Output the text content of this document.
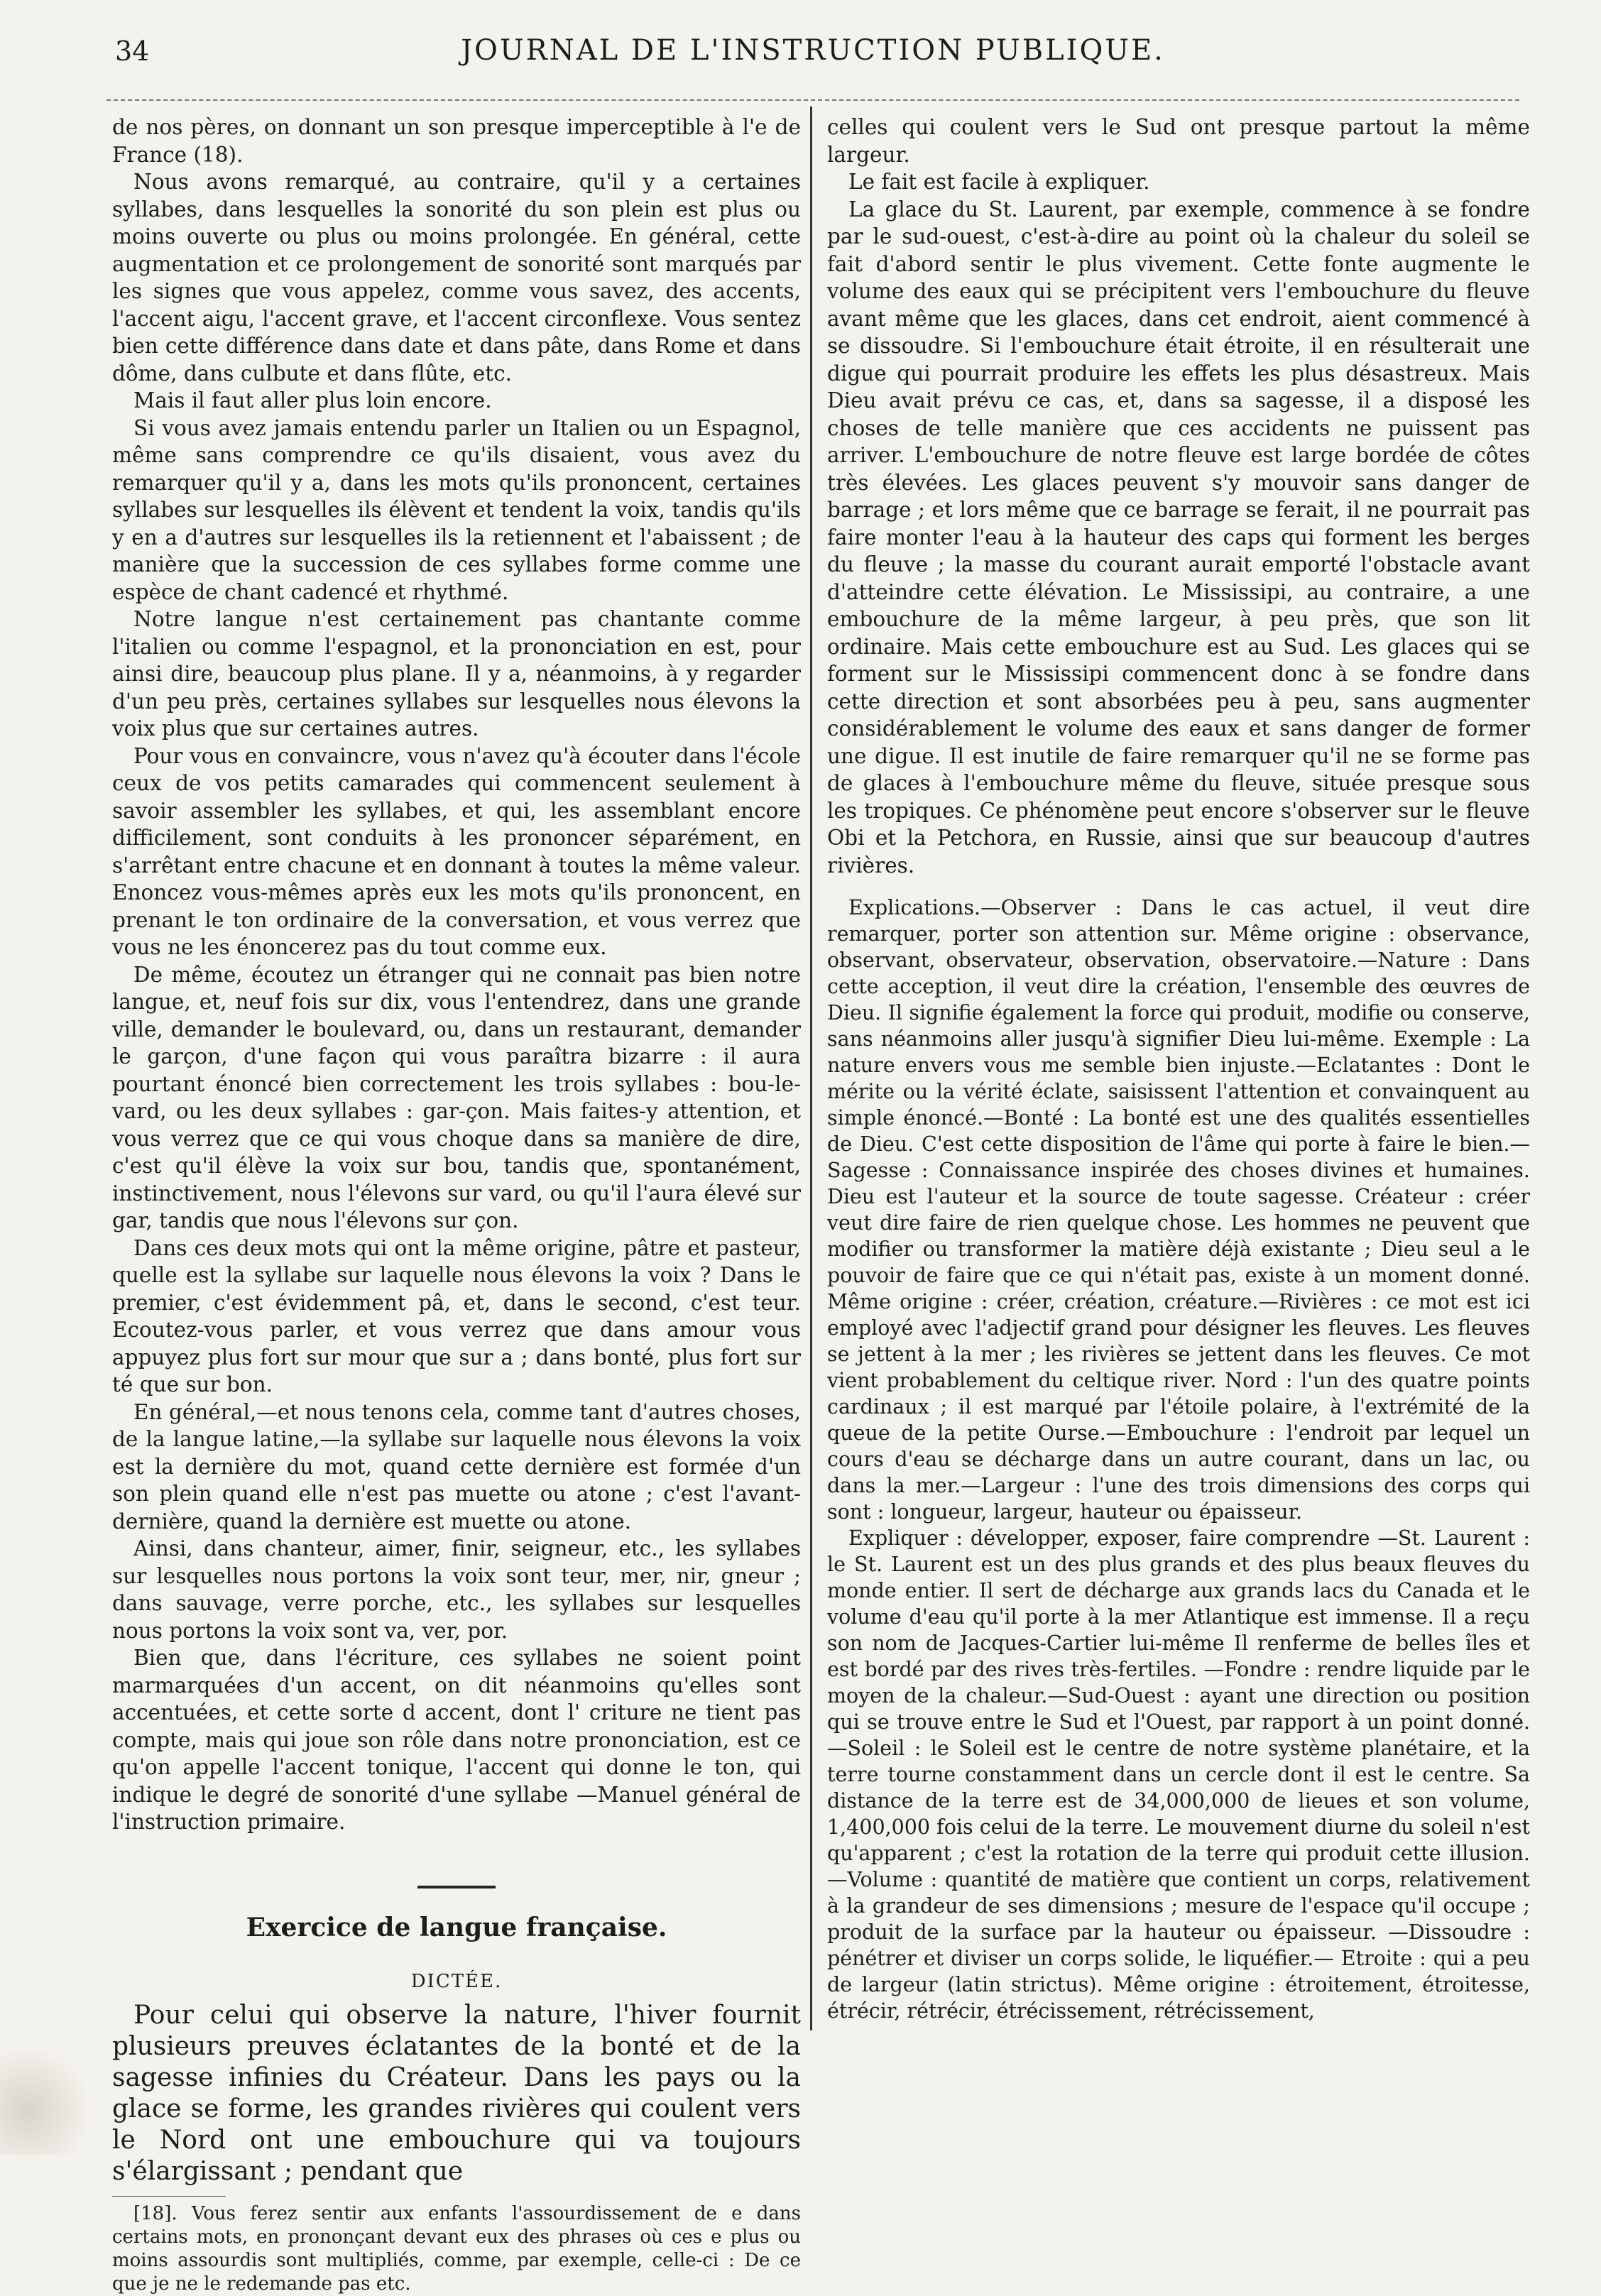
34	JOURNAL DE L'INSTRUCTION PUBLIQUE.

de nos pères, on donnant un son presque imperceptible à l'e de France (18).

Nous avons remarqué, au contraire, qu'il y a certaines syllabes, dans lesquelles la sonorité du son plein est plus ou moins ouverte ou plus ou moins prolongée. En général, cette augmentation et ce prolongement de sonorité sont marqués par les signes que vous appelez, comme vous savez, des accents, l'accent aigu, l'accent grave, et l'accent circonflexe. Vous sentez bien cette différence dans date et dans pâte, dans Rome et dans dôme, dans culbute et dans flûte, etc.

Mais il faut aller plus loin encore.

Si vous avez jamais entendu parler un Italien ou un Espagnol, même sans comprendre ce qu'ils disaient, vous avez du remarquer qu'il y a, dans les mots qu'ils prononcent, certaines syllabes sur lesquelles ils élèvent et tendent la voix, tandis qu'ils y en a d'autres sur lesquelles ils la retiennent et l'abaissent ; de manière que la succession de ces syllabes forme comme une espèce de chant cadencé et rhythmé.

Notre langue n'est certainement pas chantante comme l'italien ou comme l'espagnol, et la prononciation en est, pour ainsi dire, beaucoup plus plane. Il y a, néanmoins, à y regarder d'un peu près, certaines syllabes sur lesquelles nous élevons la voix plus que sur certaines autres.

Pour vous en convaincre, vous n'avez qu'à écouter dans l'école ceux de vos petits camarades qui commencent seulement à savoir assembler les syllabes, et qui, les assemblant encore difficilement, sont conduits à les prononcer séparément, en s'arrêtant entre chacune et en donnant à toutes la même valeur. Enoncez vous-mêmes après eux les mots qu'ils prononcent, en prenant le ton ordinaire de la conversation, et vous verrez que vous ne les énoncerez pas du tout comme eux.

De même, écoutez un étranger qui ne connait pas bien notre langue, et, neuf fois sur dix, vous l'entendrez, dans une grande ville, demander le boulevard, ou, dans un restaurant, demander le garçon, d'une façon qui vous paraîtra bizarre : il aura pourtant énoncé bien correctement les trois syllabes : bou-le-vard, ou les deux syllabes : gar-çon. Mais faites-y attention, et vous verrez que ce qui vous choque dans sa manière de dire, c'est qu'il élève la voix sur bou, tandis que, spontanément, instinctivement, nous l'élevons sur vard, ou qu'il l'aura élevé sur gar, tandis que nous l'élevons sur çon.

Dans ces deux mots qui ont la même origine, pâtre et pasteur, quelle est la syllabe sur laquelle nous élevons la voix ? Dans le premier, c'est évidemment pâ, et, dans le second, c'est teur. Ecoutez-vous parler, et vous verrez que dans amour vous appuyez plus fort sur mour que sur a ; dans bonté, plus fort sur té que sur bon.

En général,—et nous tenons cela, comme tant d'autres choses, de la langue latine,—la syllabe sur laquelle nous élevons la voix est la dernière du mot, quand cette dernière est formée d'un son plein quand elle n'est pas muette ou atone ; c'est l'avant-dernière, quand la dernière est muette ou atone.

Ainsi, dans chanteur, aimer, finir, seigneur, etc., les syllabes sur lesquelles nous portons la voix sont teur, mer, nir, gneur ; dans sauvage, verre porche, etc., les syllabes sur lesquelles nous portons la voix sont va, ver, por.

Bien que, dans l'écriture, ces syllabes ne soient point marmarquées d'un accent, on dit néanmoins qu'elles sont accentuées, et cette sorte d accent, dont l' criture ne tient pas compte, mais qui joue son rôle dans notre prononciation, est ce qu'on appelle l'accent tonique, l'accent qui donne le ton, qui indique le degré de sonorité d'une syllabe —Manuel général de l'instruction primaire.

Exercice de langue française.
DICTÉE.

Pour celui qui observe la nature, l'hiver fournit plusieurs preuves éclatantes de la bonté et de la sagesse infinies du Créateur. Dans les pays ou la glace se forme, les grandes rivières qui coulent vers le Nord ont une embouchure qui va toujours s'élargissant ; pendant que

[18]. Vous ferez sentir aux enfants l'assourdissement de e dans certains mots, en prononçant devant eux des phrases où ces e plus ou moins assourdis sont multipliés, comme, par exemple, celle-ci : De ce que je ne le redemande pas etc.

celles qui coulent vers le Sud ont presque partout la même largeur.

Le fait est facile à expliquer.

La glace du St. Laurent, par exemple, commence à se fondre par le sud-ouest, c'est-à-dire au point où la chaleur du soleil se fait d'abord sentir le plus vivement. Cette fonte augmente le volume des eaux qui se précipitent vers l'embouchure du fleuve avant même que les glaces, dans cet endroit, aient commencé à se dissoudre. Si l'embouchure était étroite, il en résulterait une digue qui pourrait produire les effets les plus désastreux. Mais Dieu avait prévu ce cas, et, dans sa sagesse, il a disposé les choses de telle manière que ces accidents ne puissent pas arriver. L'embouchure de notre fleuve est large bordée de côtes très élevées. Les glaces peuvent s'y mouvoir sans danger de barrage ; et lors même que ce barrage se ferait, il ne pourrait pas faire monter l'eau à la hauteur des caps qui forment les berges du fleuve ; la masse du courant aurait emporté l'obstacle avant d'atteindre cette élévation. Le Mississipi, au contraire, a une embouchure de la même largeur, à peu près, que son lit ordinaire. Mais cette embouchure est au Sud. Les glaces qui se forment sur le Mississipi commencent donc à se fondre dans cette direction et sont absorbées peu à peu, sans augmenter considérablement le volume des eaux et sans danger de former une digue. Il est inutile de faire remarquer qu'il ne se forme pas de glaces à l'embouchure même du fleuve, située presque sous les tropiques. Ce phénomène peut encore s'observer sur le fleuve Obi et la Petchora, en Russie, ainsi que sur beaucoup d'autres rivières.

Explications.—Observer : Dans le cas actuel, il veut dire remarquer, porter son attention sur. Même origine : observance, observant, observateur, observation, observatoire.—Nature : Dans cette acception, il veut dire la création, l'ensemble des œuvres de Dieu. Il signifie également la force qui produit, modifie ou conserve, sans néanmoins aller jusqu'à signifier Dieu lui-même. Exemple : La nature envers vous me semble bien injuste.—Eclatantes : Dont le mérite ou la vérité éclate, saisissent l'attention et convainquent au simple énoncé.—Bonté : La bonté est une des qualités essentielles de Dieu. C'est cette disposition de l'âme qui porte à faire le bien.—Sagesse : Connaissance inspirée des choses divines et humaines. Dieu est l'auteur et la source de toute sagesse. Créateur : créer veut dire faire de rien quelque chose. Les hommes ne peuvent que modifier ou transformer la matière déjà existante ; Dieu seul a le pouvoir de faire que ce qui n'était pas, existe à un moment donné. Même origine : créer, création, créature.—Rivières : ce mot est ici employé avec l'adjectif grand pour désigner les fleuves. Les fleuves se jettent à la mer ; les rivières se jettent dans les fleuves. Ce mot vient probablement du celtique river. Nord : l'un des quatre points cardinaux ; il est marqué par l'étoile polaire, à l'extrémité de la queue de la petite Ourse.—Embouchure : l'endroit par lequel un cours d'eau se décharge dans un autre courant, dans un lac, ou dans la mer.—Largeur : l'une des trois dimensions des corps qui sont : longueur, largeur, hauteur ou épaisseur.

Expliquer : développer, exposer, faire comprendre —St. Laurent : le St. Laurent est un des plus grands et des plus beaux fleuves du monde entier. Il sert de décharge aux grands lacs du Canada et le volume d'eau qu'il porte à la mer Atlantique est immense. Il a reçu son nom de Jacques-Cartier lui-même Il renferme de belles îles et est bordé par des rives très-fertiles. —Fondre : rendre liquide par le moyen de la chaleur.—Sud-Ouest : ayant une direction ou position qui se trouve entre le Sud et l'Ouest, par rapport à un point donné.—Soleil : le Soleil est le centre de notre système planétaire, et la terre tourne constamment dans un cercle dont il est le centre. Sa distance de la terre est de 34,000,000 de lieues et son volume, 1,400,000 fois celui de la terre. Le mouvement diurne du soleil n'est qu'apparent ; c'est la rotation de la terre qui produit cette illusion. —Volume : quantité de matière que contient un corps, relativement à la grandeur de ses dimensions ; mesure de l'espace qu'il occupe ; produit de la surface par la hauteur ou épaisseur. —Dissoudre : pénétrer et diviser un corps solide, le liquéfier.— Etroite : qui a peu de largeur (latin strictus). Même origine : étroitement, étroitesse, étrécir, rétrécir, étrécissement, rétrécissement,
